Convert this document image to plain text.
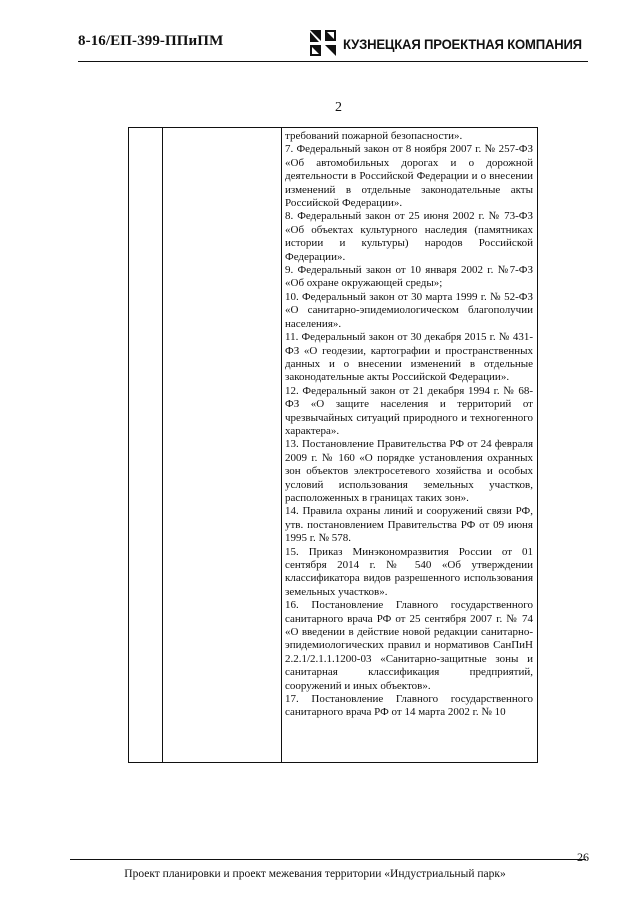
8-16/ЕП-399-ППиПМ	КУЗНЕЦКАЯ ПРОЕКТНАЯ КОМПАНИЯ
2

требований пожарной безопасности».

7. Федеральный закон от 8 ноября 2007 г. № 257-ФЗ «Об автомобильных дорогах и о дорожной деятельности в Российской Федерации и о внесении изменений в отдельные законодательные акты Российской Федерации».

8. Федеральный закон от 25 июня 2002 г. № 73-ФЗ «Об объектах культурного наследия (памятниках истории и культуры) народов Российской Федерации».

9. Федеральный закон от 10 января 2002 г. №7-ФЗ «Об охране окружающей среды»;

10. Федеральный закон от 30 марта 1999 г. № 52-ФЗ «О санитарно-эпидемиологическом благополучии населения».

11. Федеральный закон от 30 декабря 2015 г. № 431-ФЗ «О геодезии, картографии и пространственных данных и о внесении изменений в отдельные законодательные акты Российской Федерации».

12. Федеральный закон от 21 декабря 1994 г. № 68-ФЗ «О защите населения и территорий от чрезвычайных ситуаций природного и техногенного характера».

13. Постановление Правительства РФ от 24 февраля 2009 г. № 160 «О порядке установления охранных зон объектов электросетевого хозяйства и особых условий использования земельных участков, расположенных в границах таких зон».

14. Правила охраны линий и сооружений связи РФ, утв. постановлением Правительства РФ от 09 июня 1995 г. № 578.

15. Приказ Минэкономразвития России от 01 сентября 2014 г. № 540 «Об утверждении классификатора видов разрешенного использования земельных участков».

16. Постановление Главного государственного санитарного врача РФ от 25 сентября 2007 г. № 74 «О введении в действие новой редакции санитарно-эпидемиологических правил и нормативов СанПиН 2.2.1/2.1.1.1200-03 «Санитарно-защитные зоны и санитарная классификация предприятий, сооружений и иных объектов».

17. Постановление Главного государственного санитарного врача РФ от 14 марта 2002 г. № 10

26
Проект планировки и проект межевания территории «Индустриальный парк»
